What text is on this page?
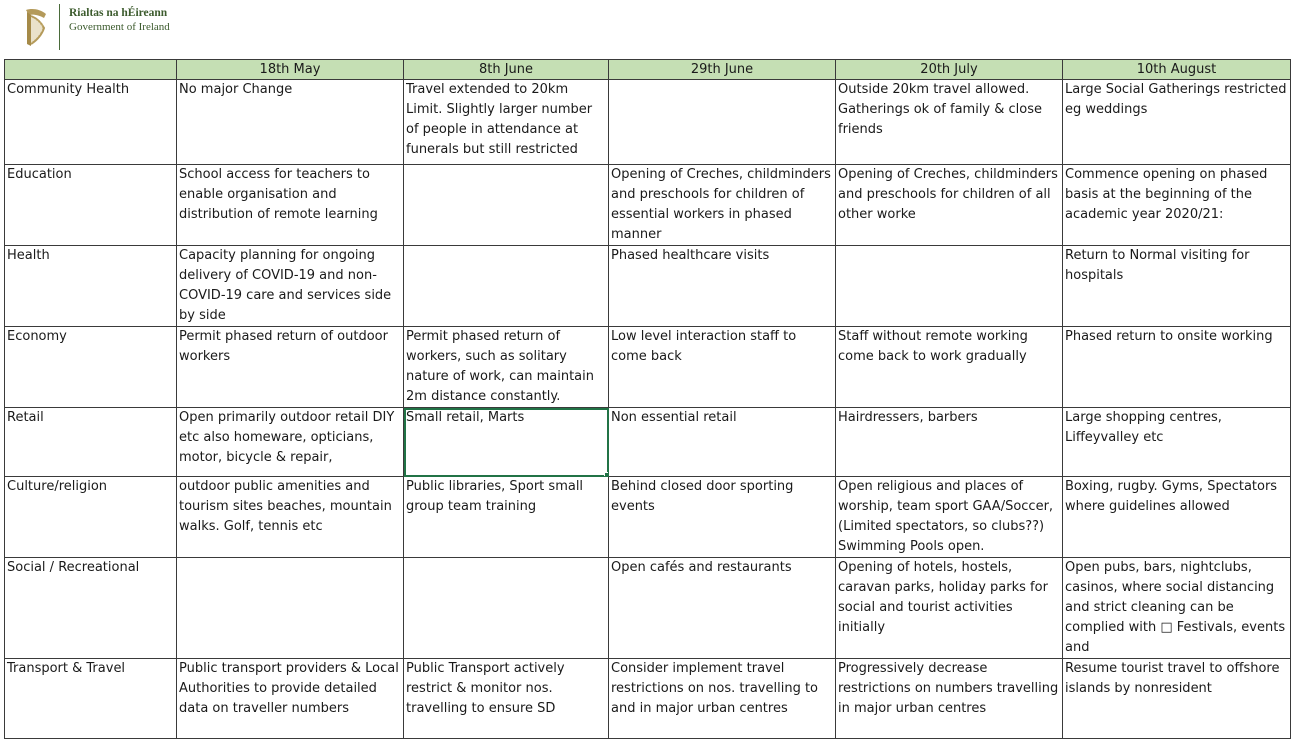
Rialtas na hÉireann
Government of Ireland
	18th May	8th June	29th June	20th July	10th August
Community Health	No major Change	Travel extended to 20km Limit. Slightly larger number of people in attendance at funerals but still restricted		Outside 20km travel allowed. Gatherings ok of family & close friends	Large Social Gatherings restricted eg weddings
Education	School access for teachers to enable organisation and distribution of remote learning		Opening of Creches, childminders and preschools for children of essential workers in phased manner	Opening of Creches, childminders and preschools for children of all other worke	Commence opening on phased basis at the beginning of the academic year 2020/21:
Health	Capacity planning for ongoing delivery of COVID-19 and non-COVID-19 care and services side by side		Phased healthcare visits		Return to Normal visiting for hospitals
Economy	Permit phased return of outdoor workers	Permit phased return of workers, such as solitary nature of work, can maintain 2m distance constantly.	Low level interaction staff to come back	Staff without remote working come back to work gradually	Phased return to onsite working
Retail	Open primarily outdoor retail DIY etc also homeware, opticians, motor, bicycle & repair,	Small retail, Marts	Non essential retail	Hairdressers, barbers	Large shopping centres, Liffeyvalley etc
Culture/religion	outdoor public amenities and tourism sites beaches, mountain walks. Golf, tennis etc	Public libraries, Sport small group team training	Behind closed door sporting events	Open religious and places of worship, team sport GAA/Soccer, (Limited spectators, so clubs??) Swimming Pools open.	Boxing, rugby. Gyms, Spectators where guidelines allowed
Social / Recreational			Open cafés and restaurants	Opening of hotels, hostels, caravan parks, holiday parks for social and tourist activities initially	Open pubs, bars, nightclubs, casinos, where social distancing and strict cleaning can be complied with □ Festivals, events and
Transport & Travel	Public transport providers & Local Authorities to provide detailed data on traveller numbers	Public Transport actively restrict & monitor nos. travelling to ensure SD	Consider implement travel restrictions on nos. travelling to and in major urban centres	Progressively decrease restrictions on numbers travelling in major urban centres	Resume tourist travel to offshore islands by nonresident
